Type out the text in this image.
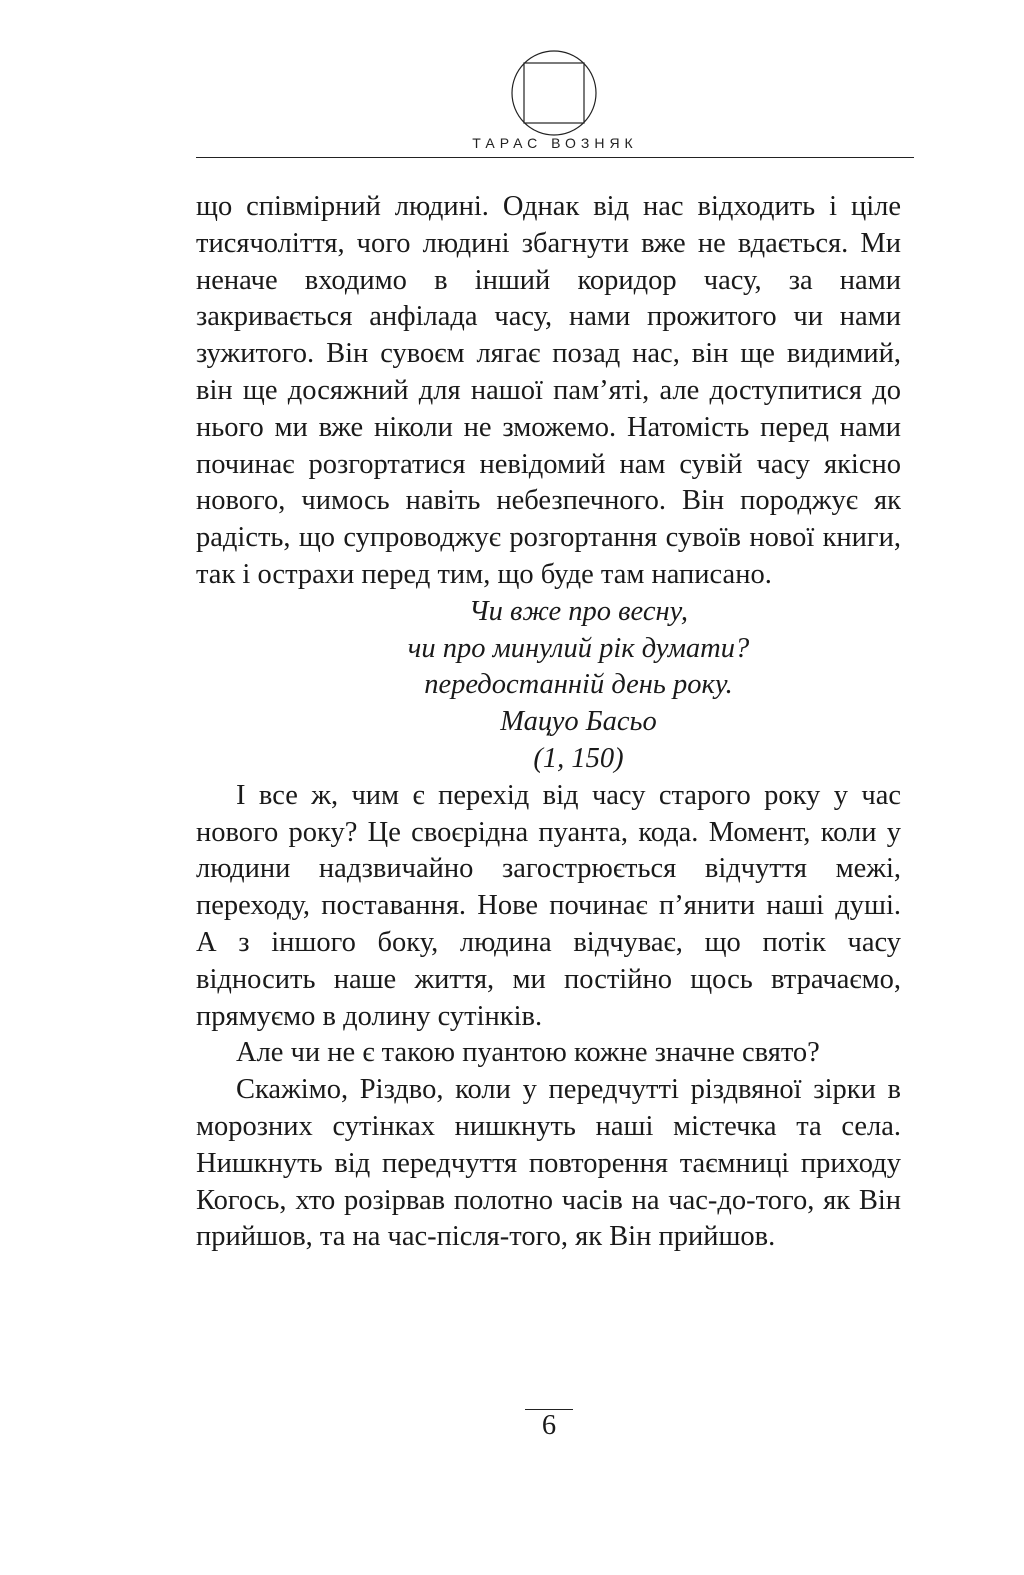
ТАРАС ВОЗНЯК

що співмірний людині. Однак від нас відходить і ціле тисячоліття, чого людині збагнути вже не вдається. Ми неначе входимо в інший коридор часу, за нами закривається анфілада часу, нами прожитого чи нами зужитого. Він сувоєм лягає позад нас, він ще видимий, він ще досяжний для нашої пам’яті, але доступитися до нього ми вже ніколи не зможемо. Натомість перед нами починає розгортатися невідомий нам сувій часу якісно нового, чимось навіть небезпечного. Він породжує як радість, що супроводжує розгортання сувоїв нової книги, так і острахи перед тим, що буде там написано.

Чи вже про весну,
чи про минулий рік думати?
передостанній день року.
Мацуо Басьо
(1, 150)

І все ж, чим є перехід від часу старого року у час нового року? Це своєрідна пуанта, кода. Момент, коли у людини надзвичайно загострюється відчуття межі, переходу, поставання. Нове починає п’янити наші душі. А з іншого боку, людина відчуває, що потік часу відносить наше життя, ми постійно щось втрачаємо, прямуємо в долину сутінків.

Але чи не є такою пуантою кожне значне свято?

Скажімо, Різдво, коли у передчутті різдвяної зірки в морозних сутінках нишкнуть наші містечка та села. Нишкнуть від передчуття повторення таємниці приходу Когось, хто розірвав полотно часів на час-до-того, як Він прийшов, та на час-після-того, як Він прийшов.

6
